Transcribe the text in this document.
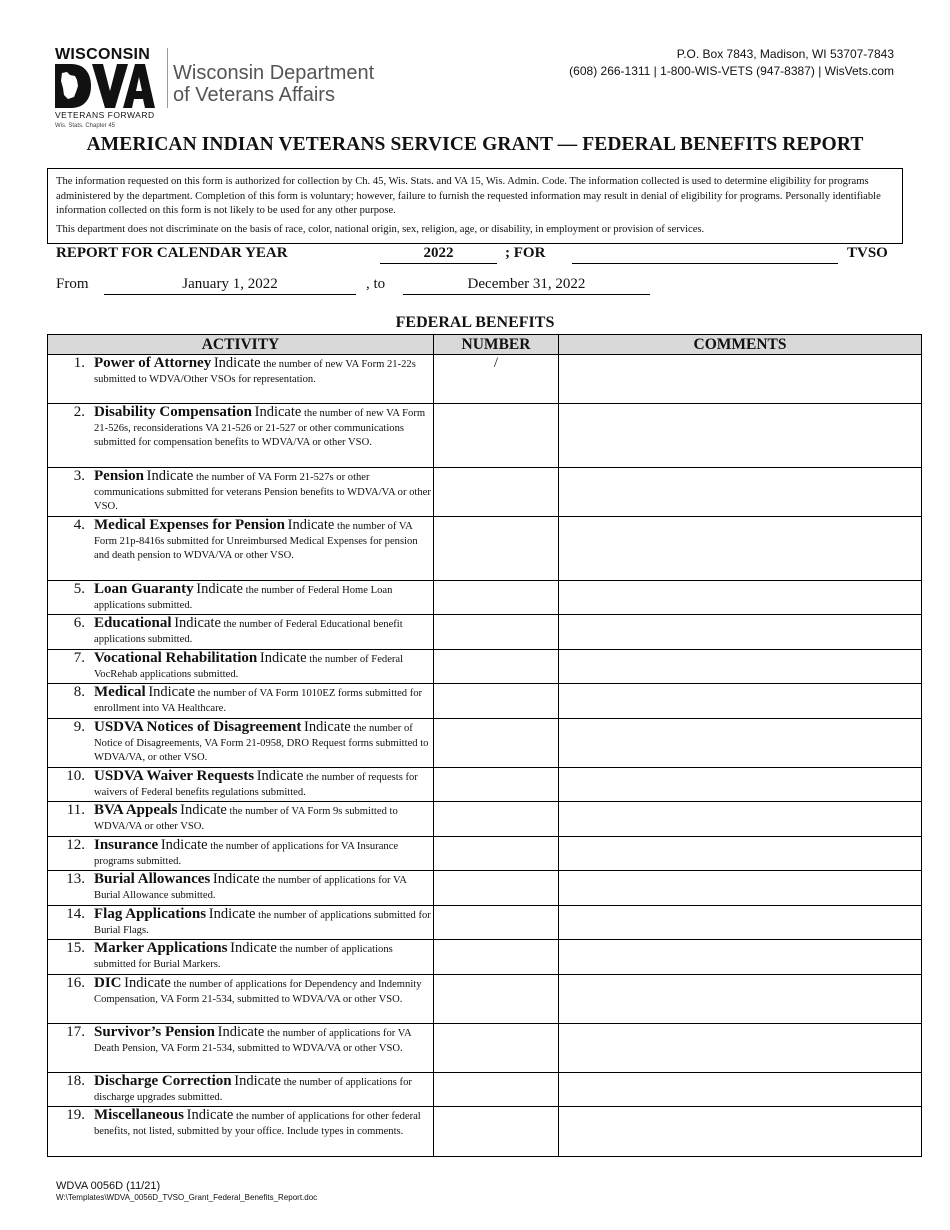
WISCONSIN
VETERANS FORWARD
Wis. Stats. Chapter 45
Wisconsin Department
of Veterans Affairs
P.O. Box 7843, Madison, WI 53707-7843
(608) 266-1311 | 1-800-WIS-VETS (947-8387) | WisVets.com
AMERICAN INDIAN VETERANS SERVICE GRANT — FEDERAL BENEFITS REPORT

The information requested on this form is authorized for collection by Ch. 45, Wis. Stats. and VA 15, Wis. Admin. Code. The information collected is used to determine eligibility for programs administered by the department. Completion of this form is voluntary; however, failure to furnish the requested information may result in denial of eligibility for programs. Personally identifiable information collected on this form is not likely to be used for any other purpose.

This department does not discriminate on the basis of race, color, national origin, sex, religion, age, or disability, in employment or provision of services.

REPORT FOR CALENDAR YEAR	2022	; FOR	TVSO
From	January 1, 2022	, to	December 31, 2022
FEDERAL BENEFITS
ACTIVITY	NUMBER	COMMENTS

1. Power of Attorney Indicate the number of new VA Form 21-22s submitted to WDVA/Other VSOs for representation.	/	

2. Disability Compensation Indicate the number of new VA Form 21-526s, reconsiderations VA 21-526 or 21-527 or other communications submitted for compensation benefits to WDVA/VA or other VSO.		

3. Pension Indicate the number of VA Form 21-527s or other communications submitted for veterans Pension benefits to WDVA/VA or other VSO.		

4. Medical Expenses for Pension Indicate the number of VA Form 21p-8416s submitted for Unreimbursed Medical Expenses for pension and death pension to WDVA/VA or other VSO.		

5. Loan Guaranty Indicate the number of Federal Home Loan applications submitted.		

6. Educational Indicate the number of Federal Educational benefit applications submitted.		

7. Vocational Rehabilitation Indicate the number of Federal VocRehab applications submitted.		

8. Medical Indicate the number of VA Form 1010EZ forms submitted for enrollment into VA Healthcare.		

9. USDVA Notices of Disagreement Indicate the number of Notice of Disagreements, VA Form 21-0958, DRO Request forms submitted to WDVA/VA, or other VSO.		

10. USDVA Waiver Requests Indicate the number of requests for waivers of Federal benefits regulations submitted.		

11. BVA Appeals Indicate the number of VA Form 9s submitted to WDVA/VA or other VSO.		

12. Insurance Indicate the number of applications for VA Insurance programs submitted.		

13. Burial Allowances Indicate the number of applications for VA Burial Allowance submitted.		

14. Flag Applications Indicate the number of applications submitted for Burial Flags.		

15. Marker Applications Indicate the number of applications submitted for Burial Markers.		

16. DIC Indicate the number of applications for Dependency and Indemnity Compensation, VA Form 21-534, submitted to WDVA/VA or other VSO.		

17. Survivor’s Pension Indicate the number of applications for VA Death Pension, VA Form 21-534, submitted to WDVA/VA or other VSO.		

18. Discharge Correction Indicate the number of applications for discharge upgrades submitted.		

19. Miscellaneous Indicate the number of applications for other federal benefits, not listed, submitted by your office. Include types in comments.		

WDVA 0056D (11/21)
W:\Templates\WDVA_0056D_TVSO_Grant_Federal_Benefits_Report.doc
